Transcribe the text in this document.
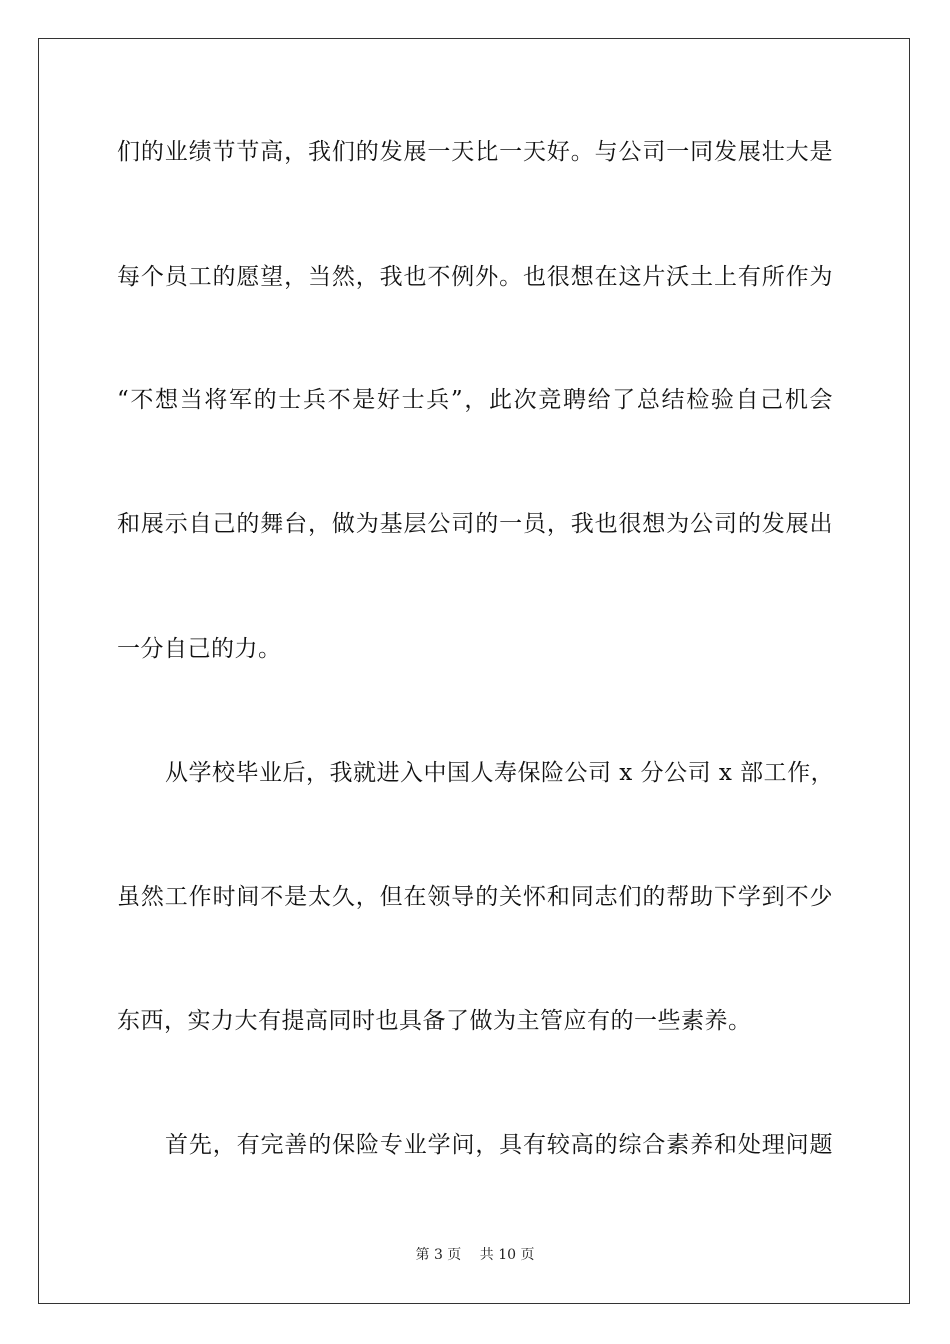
们的业绩节节高，我们的发展一天比一天好。与公司一同发展壮大是
每个员工的愿望，当然，我也不例外。也很想在这片沃土上有所作为
“不想当将军的士兵不是好士兵”，此次竞聘给了总结检验自己机会
和展示自己的舞台，做为基层公司的一员，我也很想为公司的发展出
一分自己的力。
从学校毕业后，我就进入中国人寿保险公司 x 分公司 x 部工作，
虽然工作时间不是太久，但在领导的关怀和同志们的帮助下学到不少
东西，实力大有提高同时也具备了做为主管应有的一些素养。
首先，有完善的保险专业学问，具有较高的综合素养和处理问题
第 3 页　 共 10 页
